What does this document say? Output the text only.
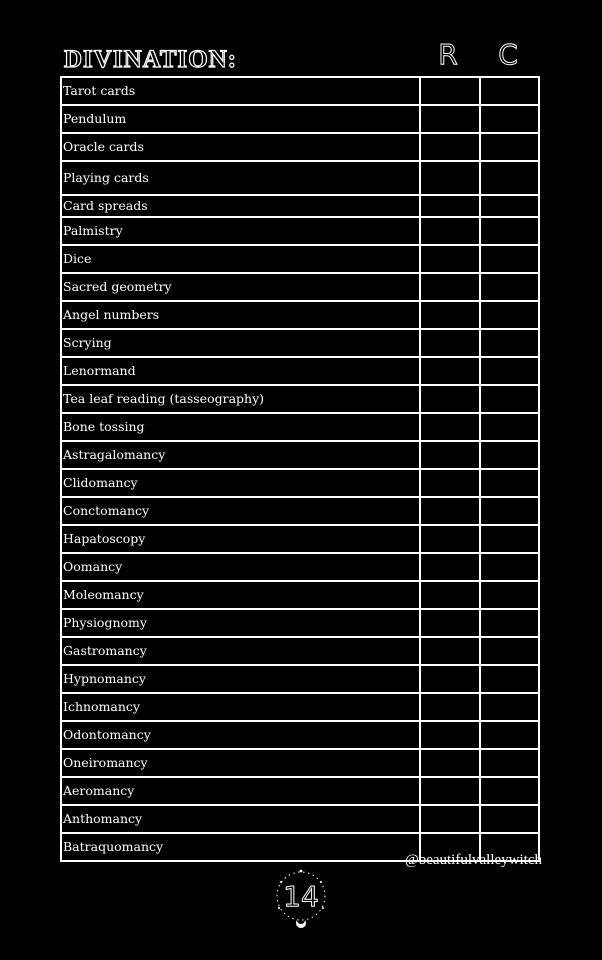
DIVINATION:	R	C
Tarot cards		
Pendulum		
Oracle cards		
Playing cards		
Card spreads		
Palmistry		
Dice		
Sacred geometry		
Angel numbers		
Scrying		
Lenormand		
Tea leaf reading (tasseography)		
Bone tossing		
Astragalomancy		
Clidomancy		
Conctomancy		
Hapatoscopy		
Oomancy		
Moleomancy		
Physiognomy		
Gastromancy		
Hypnomancy		
Ichnomancy		
Odontomancy		
Oneiromancy		
Aeromancy		
Anthomancy		
Batraquomancy		
@beautifulvalleywitch
14
